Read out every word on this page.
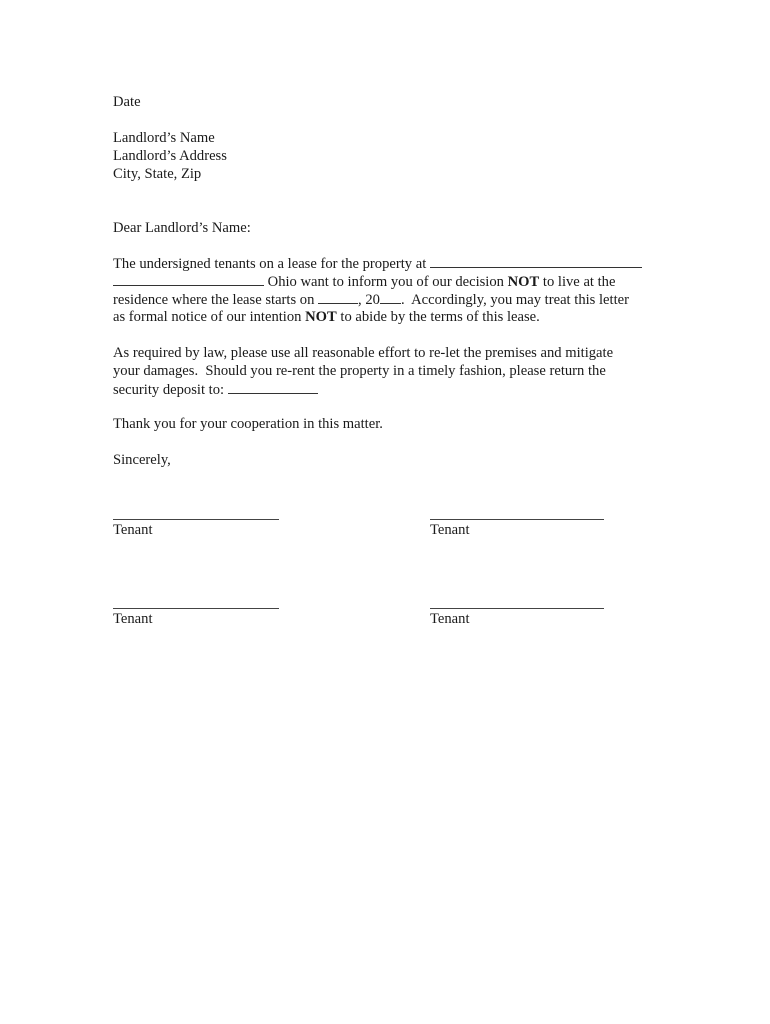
Date
Landlord’s Name
Landlord’s Address
City, State, Zip
Dear Landlord’s Name:
The undersigned tenants on a lease for the property at
Ohio want to inform you of our decision NOT to live at the
residence where the lease starts on	, 20 .  Accordingly, you may treat this letter
as formal notice of our intention NOT to abide by the terms of this lease.
As required by law, please use all reasonable effort to re-let the premises and mitigate
your damages.  Should you re-rent the property in a timely fashion, please return the
security deposit to:
Thank you for your cooperation in this matter.
Sincerely,
Tenant	Tenant
Tenant	Tenant
